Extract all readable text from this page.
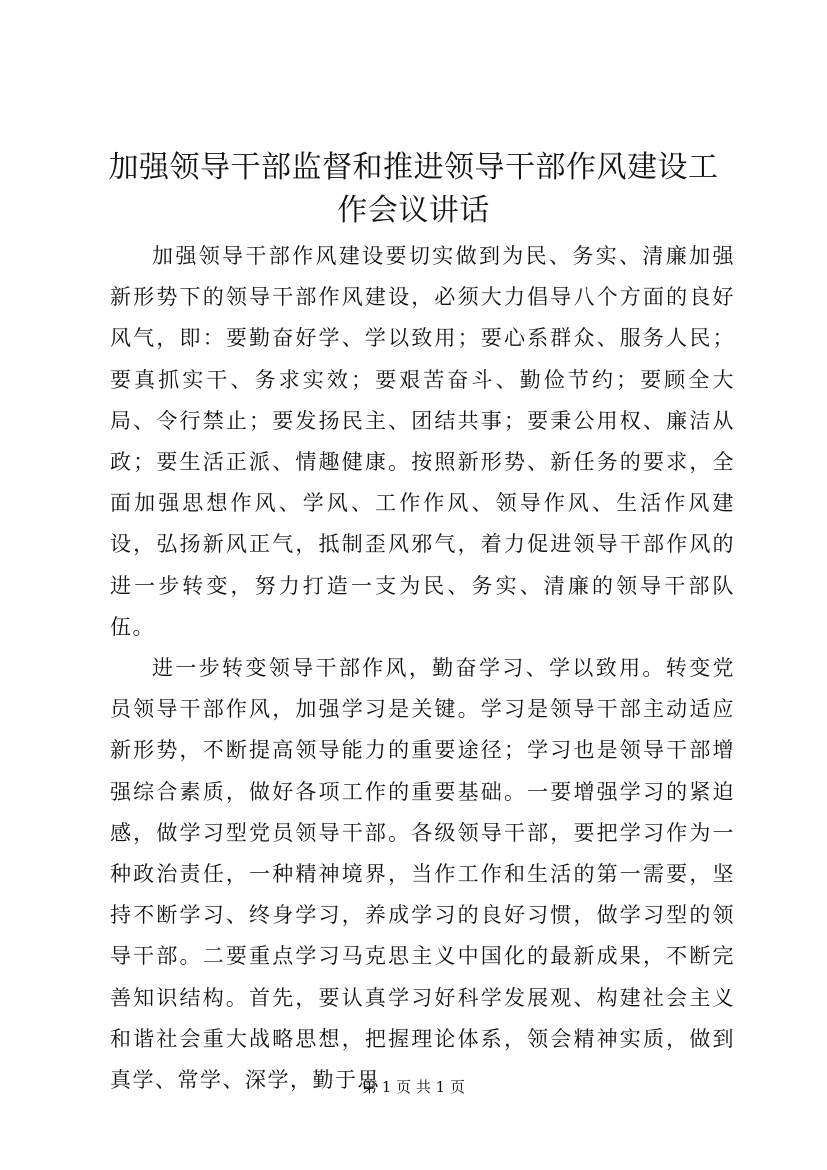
加强领导干部监督和推进领导干部作风建设工作会议讲话

加强领导干部作风建设要切实做到为民、务实、清廉加强新形势下的领导干部作风建设，必须大力倡导八个方面的良好风气，即：要勤奋好学、学以致用；要心系群众、服务人民；要真抓实干、务求实效；要艰苦奋斗、勤俭节约；要顾全大局、令行禁止；要发扬民主、团结共事；要秉公用权、廉洁从政；要生活正派、情趣健康。按照新形势、新任务的要求，全面加强思想作风、学风、工作作风、领导作风、生活作风建设，弘扬新风正气，抵制歪风邪气，着力促进领导干部作风的进一步转变，努力打造一支为民、务实、清廉的领导干部队伍。

进一步转变领导干部作风，勤奋学习、学以致用。转变党员领导干部作风，加强学习是关键。学习是领导干部主动适应新形势，不断提高领导能力的重要途径；学习也是领导干部增强综合素质，做好各项工作的重要基础。一要增强学习的紧迫感，做学习型党员领导干部。各级领导干部，要把学习作为一种政治责任，一种精神境界，当作工作和生活的第一需要，坚持不断学习、终身学习，养成学习的良好习惯，做学习型的领导干部。二要重点学习马克思主义中国化的最新成果，不断完善知识结构。首先，要认真学习好科学发展观、构建社会主义和谐社会重大战略思想，把握理论体系，领会精神实质，做到真学、常学、深学，勤于思

第 1 页 共 1 页
